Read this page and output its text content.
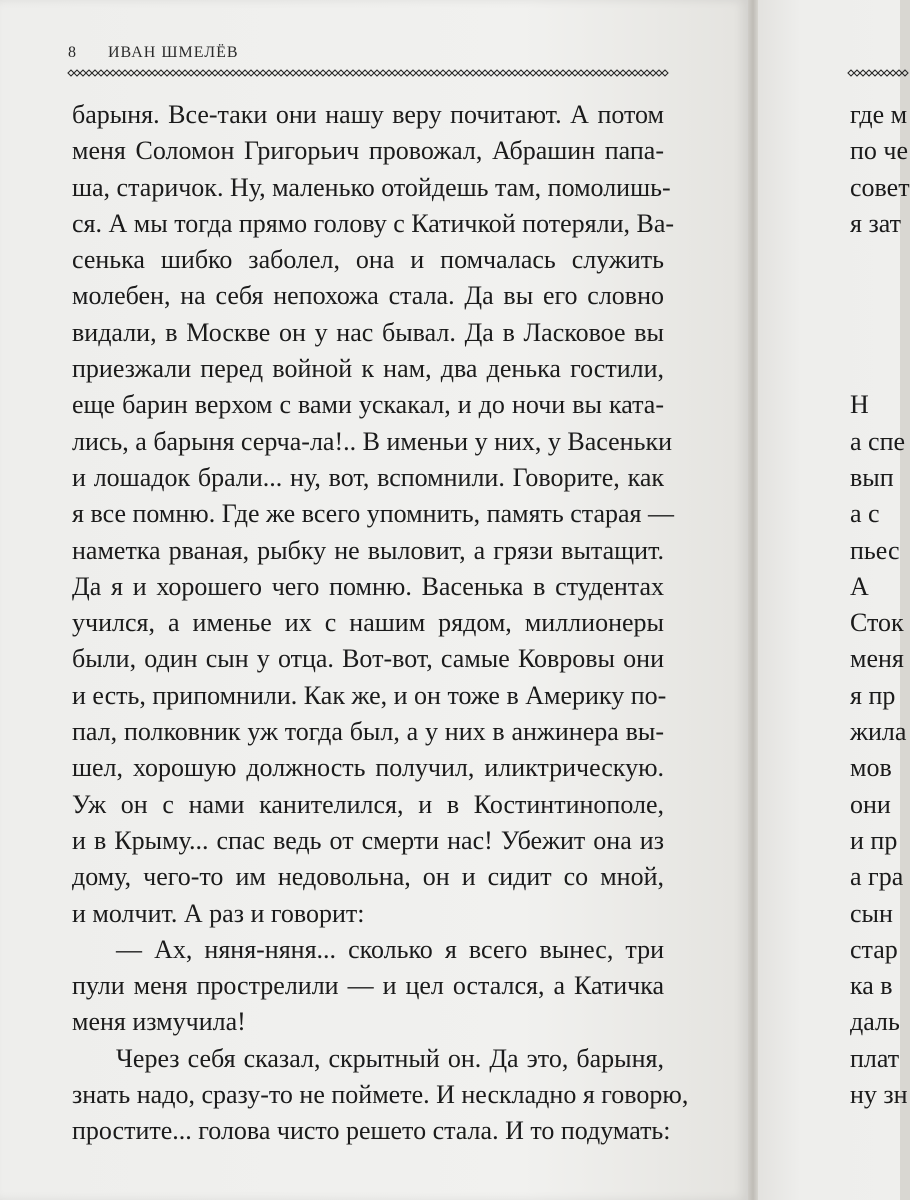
8 ИВАН ШМЕЛЁВ
барыня. Все-таки они нашу веру почитают. А потом
меня Соломон Григорьич провожал, Абрашин папа-
ша, старичок. Ну, маленько отойдешь там, помолишь-
ся. А мы тогда прямо голову с Катичкой потеряли, Ва-
сенька шибко заболел, она и помчалась служить
молебен, на себя непохожа стала. Да вы его словно
видали, в Москве он у нас бывал. Да в Ласковое вы
приезжали перед войной к нам, два денька гостили,
еще барин верхом с вами ускакал, и до ночи вы ката-
лись, а барыня серча-ла!.. В именьи у них, у Васеньки
и лошадок брали... ну, вот, вспомнили. Говорите, как
я все помню. Где же всего упомнить, память старая —
наметка рваная, рыбку не выловит, а грязи вытащит.
Да я и хорошего чего помню. Васенька в студентах
учился, а именье их с нашим рядом, миллионеры
были, один сын у отца. Вот-вот, самые Ковровы они
и есть, припомнили. Как же, и он тоже в Америку по-
пал, полковник уж тогда был, а у них в анжинера вы-
шел, хорошую должность получил, иликтрическую.
Уж он с нами канителился, и в Костинтинополе,
и в Крыму... спас ведь от смерти нас! Убежит она из
дому, чего-то им недовольна, он и сидит со мной,
и молчит. А раз и говорит:
— Ах, няня-няня... сколько я всего вынес, три
пули меня прострелили — и цел остался, а Катичка
меня измучила!
Через себя сказал, скрытный он. Да это, барыня,
знать надо, сразу-то не поймете. И нескладно я говорю,
простите... голова чисто решето стала. И то подумать:
где м
по че
совет
я зат
Н
а спе
вып
а с
пьес
А
Сток
меня
я пр
жила
мов
они
и пр
а гра
сын
стар
ка в
даль
плат
ну зн
